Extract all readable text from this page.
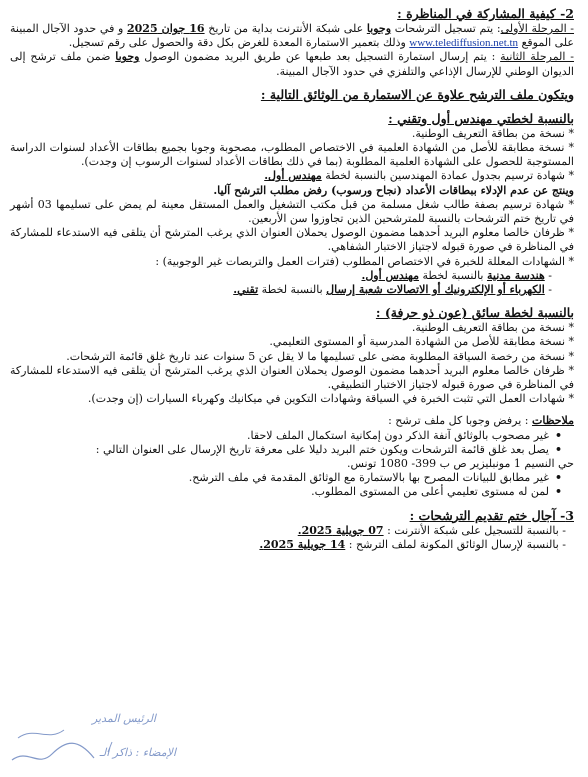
2- كيفية المشاركة في المناظرة :

- المرحلة الأولى: يتم تسجيل الترشحات وجوبا على شبكة الأنترنت بداية من تاريخ 16 جوان 2025 و في حدود الآجال المبينة على الموقع www.telediffusion.net.tn وذلك بتعمير الاستمارة المعدة للغرض بكل دقة والحصول على رقم تسجيل.

- المرحلة الثانية : يتم إرسال استمارة التسجيل بعد طبعها عن طريق البريد مضمون الوصول وجوبا ضمن ملف ترشح إلى الديوان الوطني للإرسال الإذاعي والتلفزي في حدود الآجال المبينة.

ويتكون ملف الترشح علاوة عن الاستمارة من الوثائق التالية :

بالنسبة لخطتي مهندس أول وتقني :

* نسخة من بطاقة التعريف الوطنية.

* نسخة مطابقة للأصل من الشهادة العلمية في الاختصاص المطلوب، مصحوبة وجوبا بجميع بطاقات الأعداد لسنوات الدراسة المستوجبة للحصول على الشهادة العلمية المطلوبة (بما في ذلك بطاقات الأعداد لسنوات الرسوب إن وجدت).

* شهادة ترسيم بجدول عمادة المهندسين بالنسبة لخطة مهندس أول.

وينتج عن عدم الإدلاء ببطاقات الأعداد (نجاح ورسوب) رفض مطلب الترشح آليا.

* شهادة ترسيم بصفة طالب شغل مسلمة من قبل مكتب التشغيل والعمل المستقل معينة لم يمض على تسليمها 03 أشهر في تاريخ ختم الترشحات بالنسبة للمترشحين الذين تجاوزوا سن الأربعين.

* ظرفان خالصا معلوم البريد أحدهما مضمون الوصول يحملان العنوان الذي يرغب المترشح أن يتلقى فيه الاستدعاء للمشاركة في المناظرة في صورة قبوله لاجتياز الاختبار الشفاهي.

* الشهادات المعللة للخبرة في الاختصاص المطلوب (فترات العمل والتربصات غير الوجوبية) :

- هندسة مدنية بالنسبة لخطة مهندس أول.

- الكهرباء أو الإلكترونيك أو الاتصالات شعبة إرسال بالنسبة لخطة تقني.

بالنسبة لخطة سائق (عون ذو حرفة) :

* نسخة من بطاقة التعريف الوطنية.

* نسخة مطابقة للأصل من الشهادة المدرسية أو المستوى التعليمي.

* نسخة من رخصة السياقة المطلوبة مضى على تسليمها ما لا يقل عن 5 سنوات عند تاريخ غلق قائمة الترشحات.

* ظرفان خالصا معلوم البريد أحدهما مضمون الوصول يحملان العنوان الذي يرغب المترشح أن يتلقى فيه الاستدعاء للمشاركة في المناظرة في صورة قبوله لاجتياز الاختبار التطبيقي.

* شهادات العمل التي تثبت الخبرة في السياقة وشهادات التكوين في ميكانيك وكهرباء السيارات (إن وجدت).

ملاحظات : يرفض وجوبا كل ملف ترشح :

•
غير مصحوب بالوثائق آنفة الذكر دون إمكانية استكمال الملف لاحقا.
•
يصل بعد غلق قائمة الترشحات ويكون ختم البريد دليلا على معرفة تاريخ الإرسال على العنوان التالي :

حي النسيم 1 مونبليزير ص ب 399- 1080 تونس.

•
غير مطابق للبيانات المصرح بها بالاستمارة مع الوثائق المقدمة في ملف الترشح.
•
لمن له مستوى تعليمي أعلى من المستوى المطلوب.

3- آجال ختم تقديم الترشحات :

- بالنسبة للتسجيل على شبكة الأنترنت : 07 جويلية 2025.

- بالنسبة لإرسال الوثائق المكونة لملف الترشح : 14 جويلية 2025.

الرئيس المدير
الإمضاء : ذاكر الـ
